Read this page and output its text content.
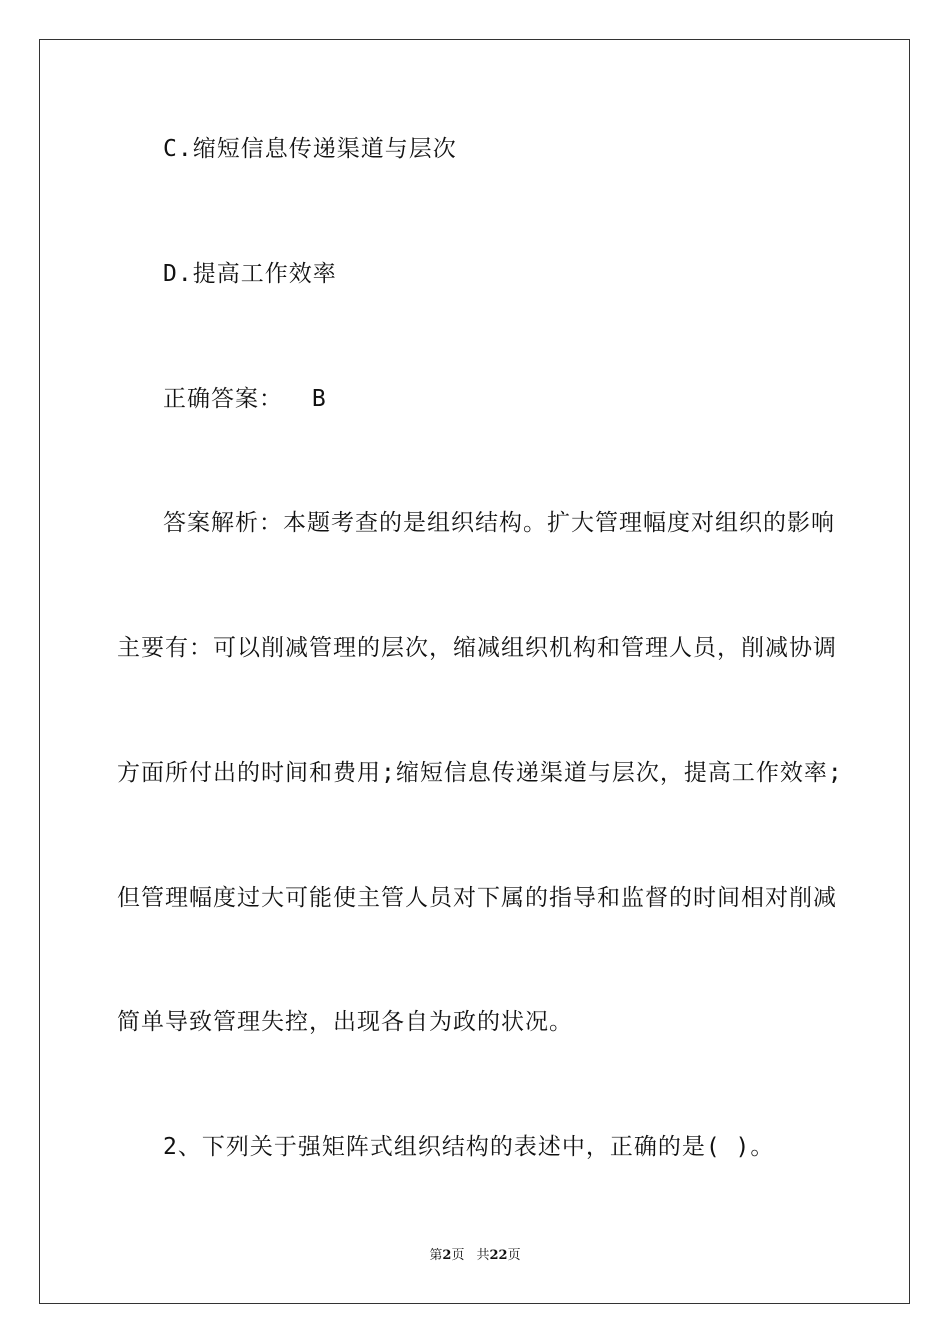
C.缩短信息传递渠道与层次
D.提高工作效率
正确答案： B
答案解析：本题考查的是组织结构。扩大管理幅度对组织的影响
主要有：可以削减管理的层次，缩减组织机构和管理人员，削减协调
方面所付出的时间和费用;缩短信息传递渠道与层次，提高工作效率;
但管理幅度过大可能使主管人员对下属的指导和监督的时间相对削减
简单导致管理失控，出现各自为政的状况。
2、下列关于强矩阵式组织结构的表述中，正确的是( )。
第2页 共22页
